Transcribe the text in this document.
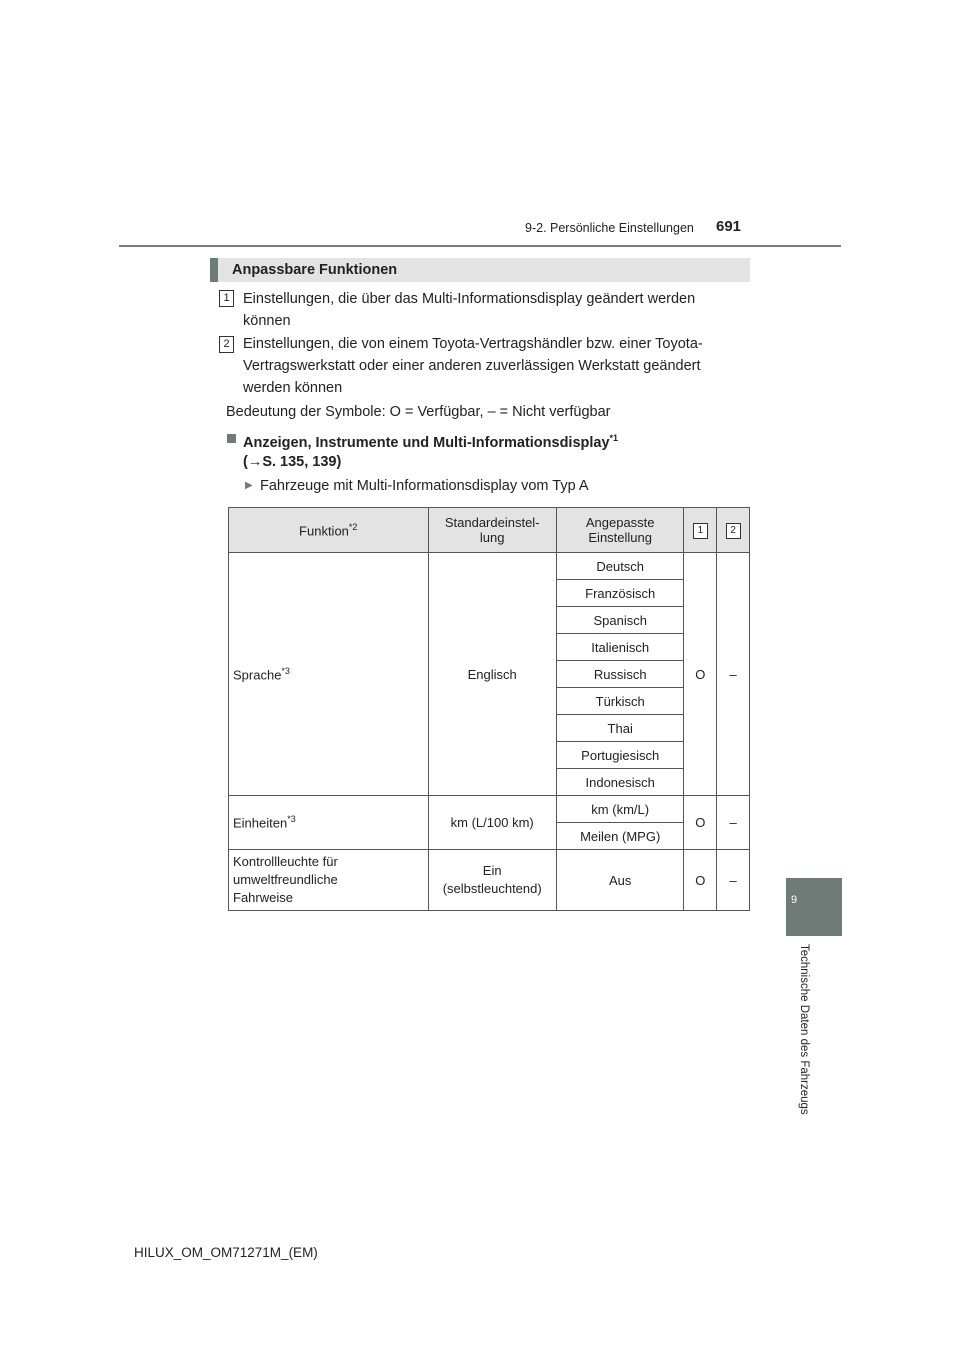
9-2. Persönliche Einstellungen 691
9
Technische Daten des Fahrzeugs
Anpassbare Funktionen
1 Einstellungen, die über das Multi-Informationsdisplay geändert werden
können
2 Einstellungen, die von einem Toyota-Vertragshändler bzw. einer Toyota-
Vertragswerkstatt oder einer anderen zuverlässigen Werkstatt geändert
werden können
Bedeutung der Symbole: O = Verfügbar, – = Nicht verfügbar
Anzeigen, Instrumente und Multi-Informationsdisplay$^{*1}$
(→S. 135, 139)
▶ Fahrzeuge mit Multi-Informationsdisplay vom Typ A
Funktion$^{*2}$	Standardeinstel-
lung	Angepasste
Einstellung	1	2
Sprache$^{*3}$	Englisch	Deutsch	O	–
		Französisch		
		Spanisch		
		Italienisch		
		Russisch		
		Türkisch		
		Thai		
		Portugiesisch		
		Indonesisch		
Einheiten$^{*3}$	km (L/100 km)	km (km/L)	O	–
		Meilen (MPG)		
Kontrollleuchte für
umweltfreundliche
Fahrweise	Ein
(selbstleuchtend)	Aus	O	–
HILUX_OM_OM71271M_(EM)
